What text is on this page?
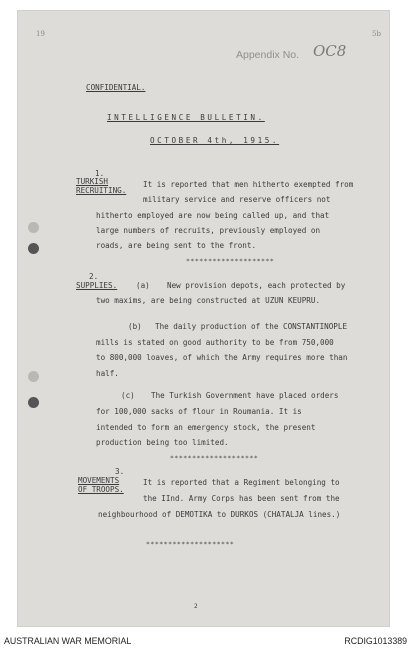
19	5b
Appendix No. OC8
CONFIDENTIAL.
INTELLIGENCE BULLETIN.
OCTOBER 4th, 1915.
1.
TURKISH
RECRUITING.
It is reported that men hitherto exempted from
military service and reserve officers not
hitherto employed are now being called up, and that
large numbers of recruits, previously employed on
roads, are being sent to the front.
********************
2.
SUPPLIES. (a) New provision depots, each protected by
two maxims, are being constructed at UZUN KEUPRU.
(b) The daily production of the CONSTANTINOPLE
mills is stated on good authority to be from 750,000
to 800,000 loaves, of which the Army requires more than
half.
(c) The Turkish Government have placed orders
for 100,000 sacks of flour in Roumania. It is
intended to form an emergency stock, the present
production being too limited.
********************
3.
MOVEMENTS
OF TROOPS.
It is reported that a Regiment belonging to
the IInd. Army Corps has been sent from the
neighbourhood of DEMOTIKA to DURKOS (CHATALJA lines.)
********************
2
AUSTRALIAN WAR MEMORIAL	RCDIG1013389
